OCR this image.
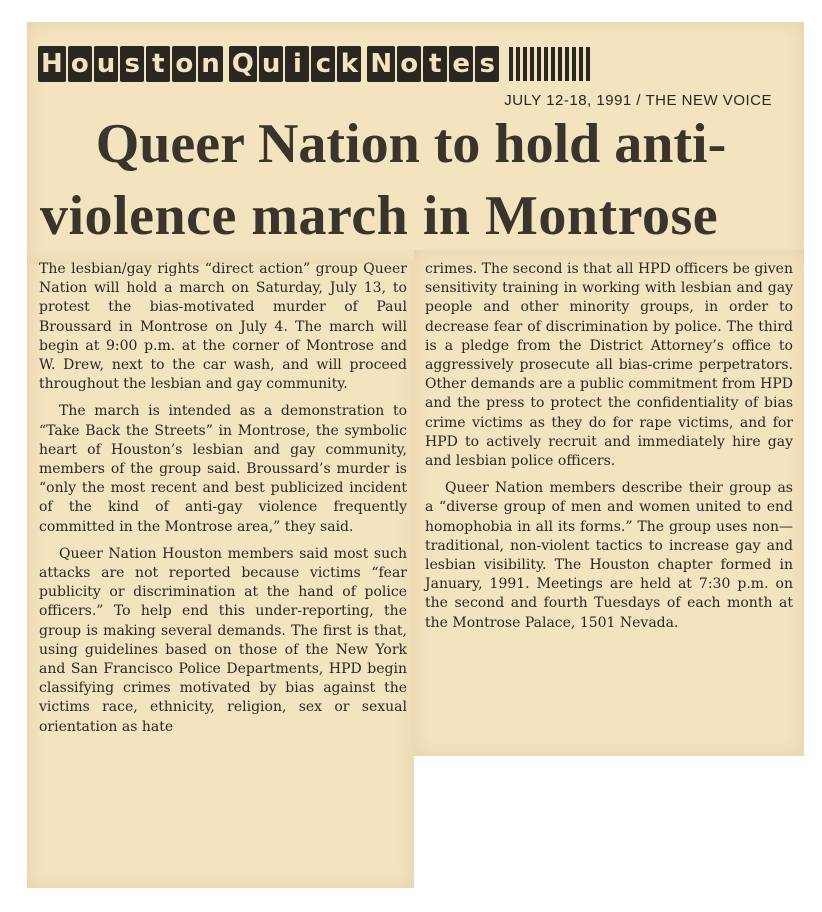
H o u s t o n Q u i c k N o t e s
JULY 12-18, 1991 / THE NEW VOICE
Queer Nation to hold anti-
violence march in Montrose

The lesbian/gay rights “direct action” group Queer Nation will hold a march on Saturday, July 13, to protest the bias-motivated murder of Paul Broussard in Montrose on July 4. The march will begin at 9:00 p.m. at the corner of Montrose and W. Drew, next to the car wash, and will proceed throughout the lesbian and gay community.

The march is intended as a demonstration to “Take Back the Streets” in Montrose, the symbolic heart of Houston’s lesbian and gay community, members of the group said. Broussard’s murder is “only the most recent and best publicized incident of the kind of anti-gay violence frequently committed in the Montrose area,” they said.

Queer Nation Houston members said most such attacks are not reported because victims “fear publicity or discrimination at the hand of police officers.” To help end this under-reporting, the group is making several demands. The first is that, using guidelines based on those of the New York and San Francisco Police Departments, HPD begin classifying crimes motivated by bias against the victims race, ethnicity, religion, sex or sexual orientation as hate

crimes. The second is that all HPD officers be given sensitivity training in working with lesbian and gay people and other minority groups, in order to decrease fear of discrimination by police. The third is a pledge from the District Attorney’s office to aggressively prosecute all bias-crime perpetrators. Other demands are a public commitment from HPD and the press to protect the confidentiality of bias crime victims as they do for rape victims, and for HPD to actively recruit and immediately hire gay and lesbian police officers.

Queer Nation members describe their group as a “diverse group of men and women united to end homophobia in all its forms.” The group uses non— traditional, non-violent tactics to increase gay and lesbian visibility. The Houston chapter formed in January, 1991. Meetings are held at 7:30 p.m. on the second and fourth Tuesdays of each month at the Montrose Palace, 1501 Nevada.
